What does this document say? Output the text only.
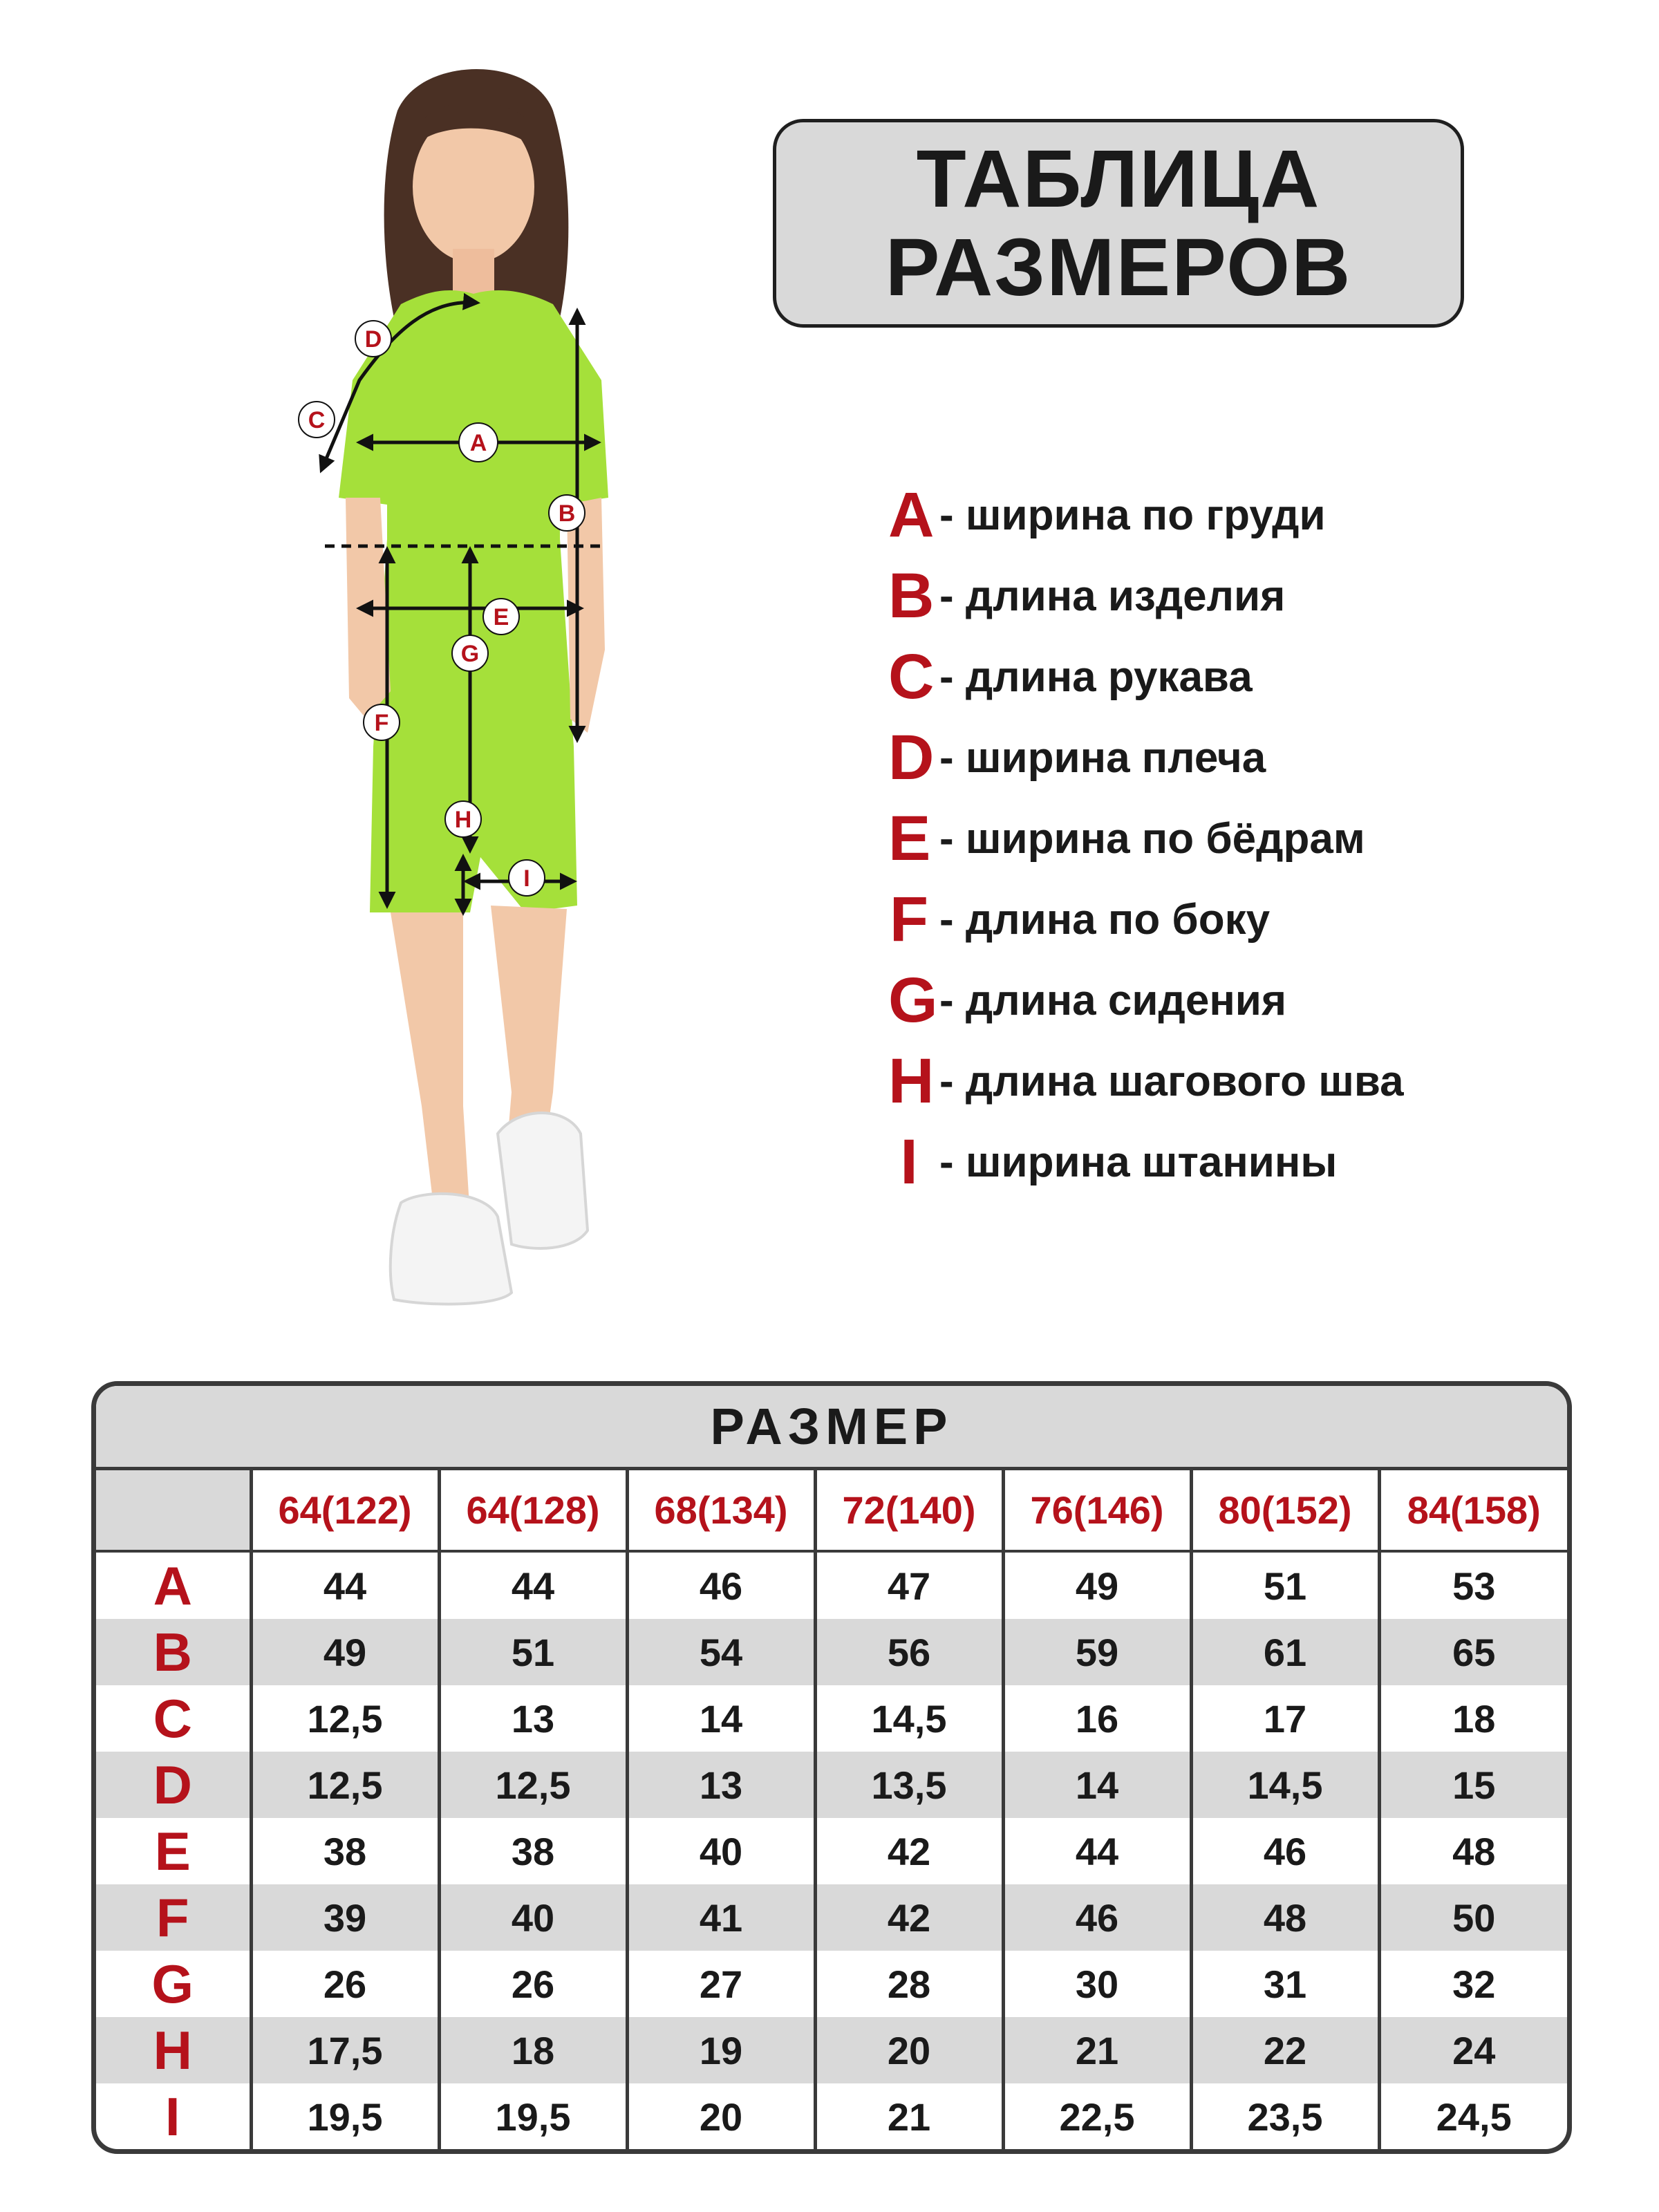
ТАБЛИЦА
РАЗМЕРОВ
D
C
A
B
E
G
F
H
I
A - ширина по груди
B - длина изделия
C - длина рукава
D - ширина плеча
E - ширина по бёдрам
F - длина по боку
G - длина сидения
H - длина шагового шва
I - ширина штанины
РАЗМЕР
	64(122)	64(128)	68(134)	72(140)	76(146)	80(152)	84(158)
A	44	44	46	47	49	51	53
B	49	51	54	56	59	61	65
C	12,5	13	14	14,5	16	17	18
D	12,5	12,5	13	13,5	14	14,5	15
E	38	38	40	42	44	46	48
F	39	40	41	42	46	48	50
G	26	26	27	28	30	31	32
H	17,5	18	19	20	21	22	24
I	19,5	19,5	20	21	22,5	23,5	24,5
